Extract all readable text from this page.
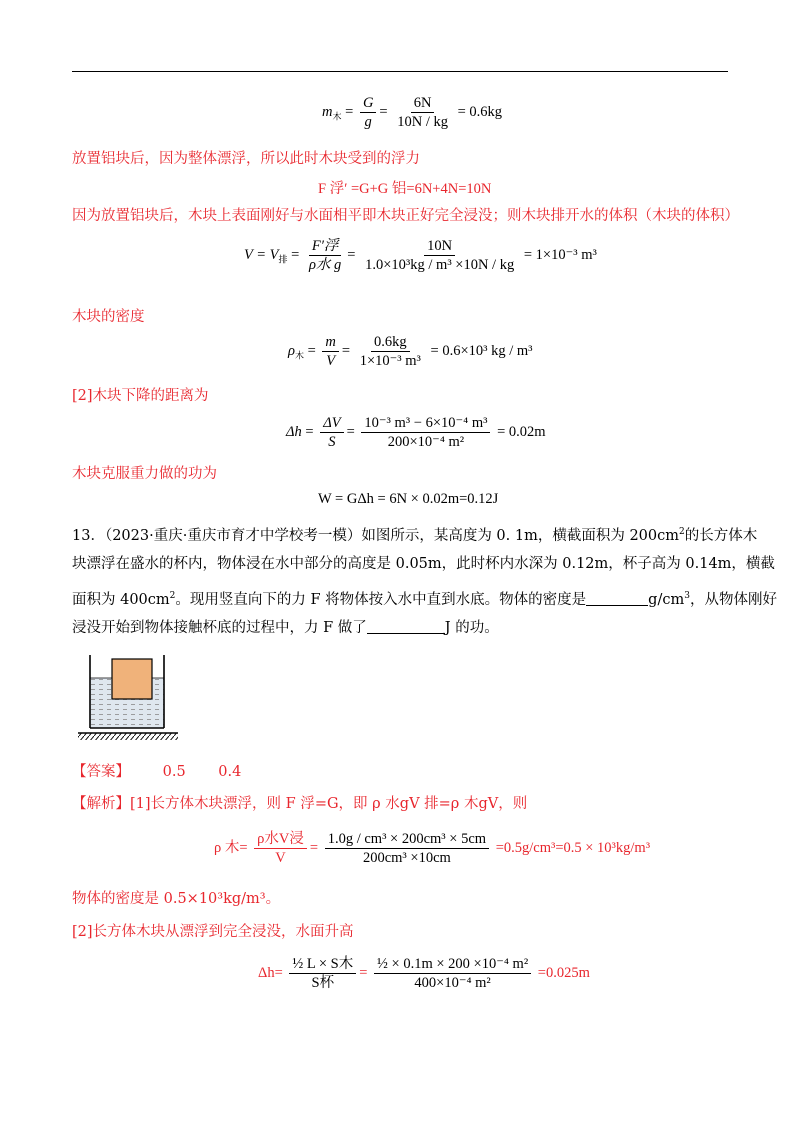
$m_木 = \frac{G}{g} = \frac{6N}{10N / kg} = 0.6kg$
放置铝块后，因为整体漂浮，所以此时木块受到的浮力
F 浮′ =G+G 铝=6N+4N=10N
因为放置铝块后，木块上表面刚好与水面相平即木块正好完全浸没；则木块排开水的体积（木块的体积）
$V = V_排 = \frac{\text{F′浮}}{\text{ρ水 g}} = \frac{10N}{\text{1.0×10³kg / m³ ×10N / kg}} = 1\times 10^{-3}$ m³
木块的密度
$\rho_木 = \frac{m}{V} = \frac{0.6kg}{\text{1×10⁻³ m³}} = 0.6\times 10^3$ kg / m³
[2]木块下降的距离为
$\Delta h = \frac{\Delta V}{S} = \frac{\text{10⁻³ m³ − 6×10⁻⁴ m³}}{\text{200×10⁻⁴ m²}} = 0.02m$
木块克服重力做的功为
W = GΔh = 6N × 0.02m=0.12J
13．（2023·重庆·重庆市育才中学校考一模）如图所示，某高度为 0. 1m，横截面积为 $200cm^2$的长方体木
块漂浮在盛水的杯内，物体浸在水中部分的高度是 0.05m，此时杯内水深为 0.12m，杯子高为 0.14m，横截
面积为 $400cm^2$。现用竖直向下的力 F 将物体按入水中直到水底。物体的密度是	$g/cm^3$，从物体刚好
浸没开始到物体接触杯底的过程中，力 F 做了	J 的功。
【答案】 0.5 0.4
【解析】[1]长方体木块漂浮，则 F 浮=G，即 ρ 水gV 排=ρ 木gV，则
ρ 木= $\frac{\text{ρ水V浸}}{V} = \frac{\text{1.0g / cm³ × 200cm³ × 5cm}}{\text{200cm³ ×10cm}} =0.5g/cm^3=0.5 \times 10^3kg/m^3$
物体的密度是 0.5×10³kg/m³。
[2]长方体木块从漂浮到完全浸没，水面升高
$\Delta h= \frac{\text{½ L × S木}}{\text{S杯}} = \frac{\text{½ × 0.1m × 200 ×10⁻⁴ m²}}{\text{400×10⁻⁴ m²}} =0.025m$
